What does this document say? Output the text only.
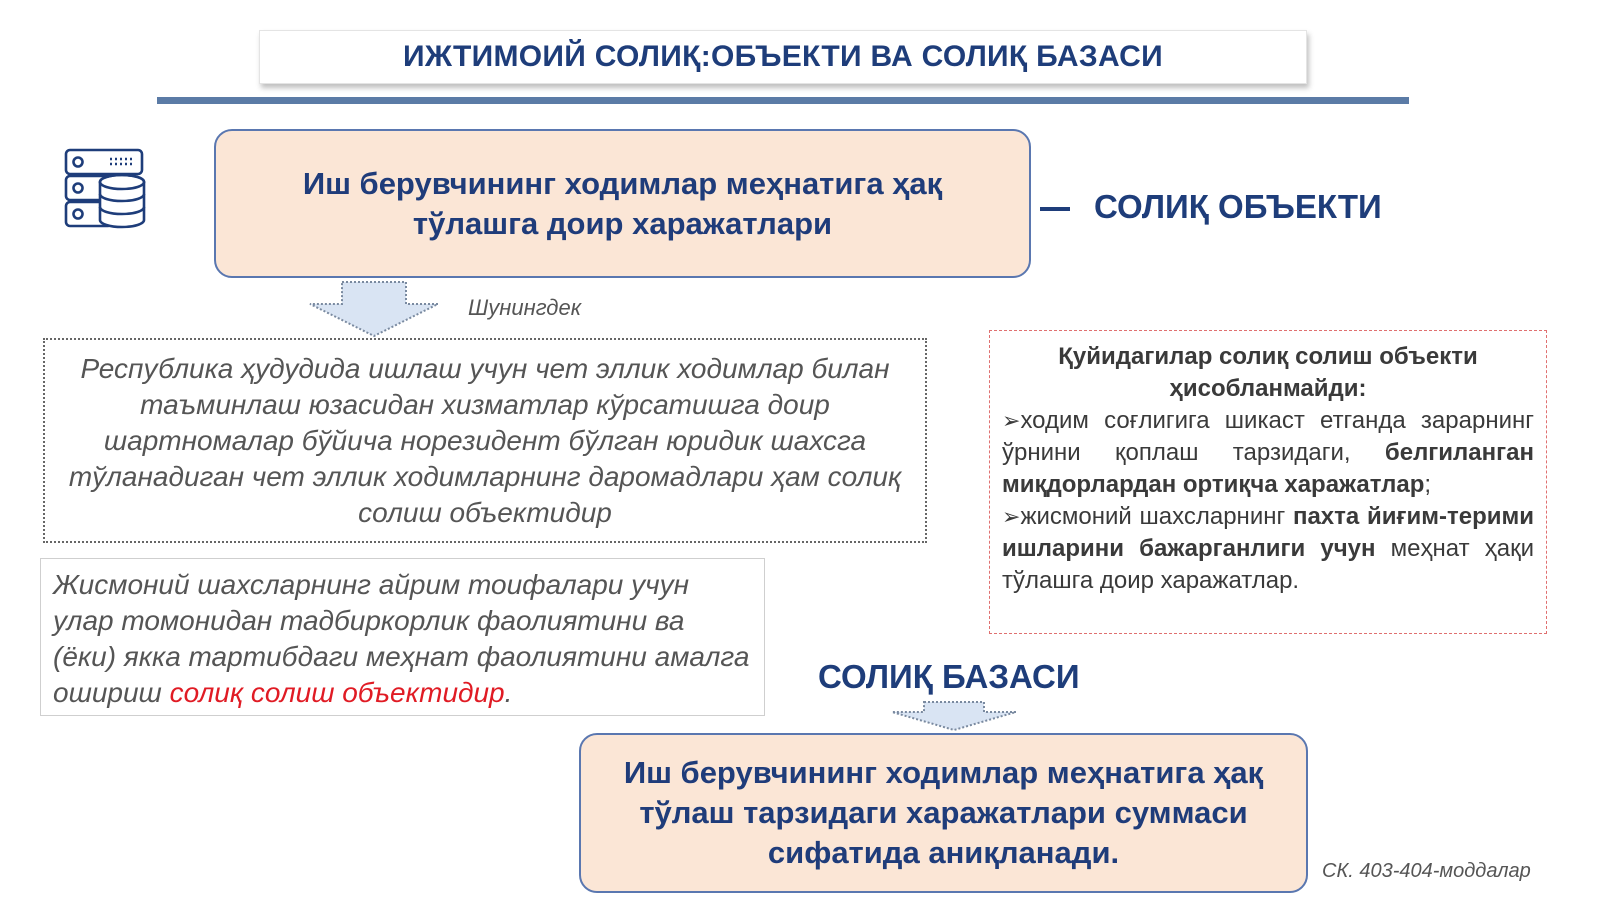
ИЖТИМОИЙ СОЛИҚ:ОБЪЕКТИ ВА СОЛИҚ БАЗАСИ
Иш берувчининг ходимлар меҳнатига ҳақ тўлашга доир харажатлари	СОЛИҚ ОБЪЕКТИ
Шунингдек
Республика ҳудудида ишлаш учун чет эллик ходимлар билан таъминлаш юзасидан хизматлар кўрсатишга доир шартномалар бўйича норезидент бўлган юридик шахсга тўланадиган чет эллик ходимларнинг даромадлари ҳам солиқ солиш объектидир
Жисмоний шахсларнинг айрим тоифалари учун улар томонидан тадбиркорлик фаолиятини ва (ёки) якка тартибдаги меҳнат фаолиятини амалга ошириш солиқ солиш объектидир.
Қуйидагилар солиқ солиш объекти ҳисобланмайди:
➢ходим соғлигига шикаст етганда зарарнинг ўрнини қоплаш тарзидаги, белгиланган миқдорлардан ортиқча харажатлар;
➢жисмоний шахсларнинг пахта йиғим-терими ишларини бажарганлиги учун меҳнат ҳақи тўлашга доир харажатлар.
СОЛИҚ БАЗАСИ
Иш берувчининг ходимлар меҳнатига ҳақ тўлаш тарзидаги харажатлари суммаси сифатида аниқланади.
СК. 403-404-моддалар
